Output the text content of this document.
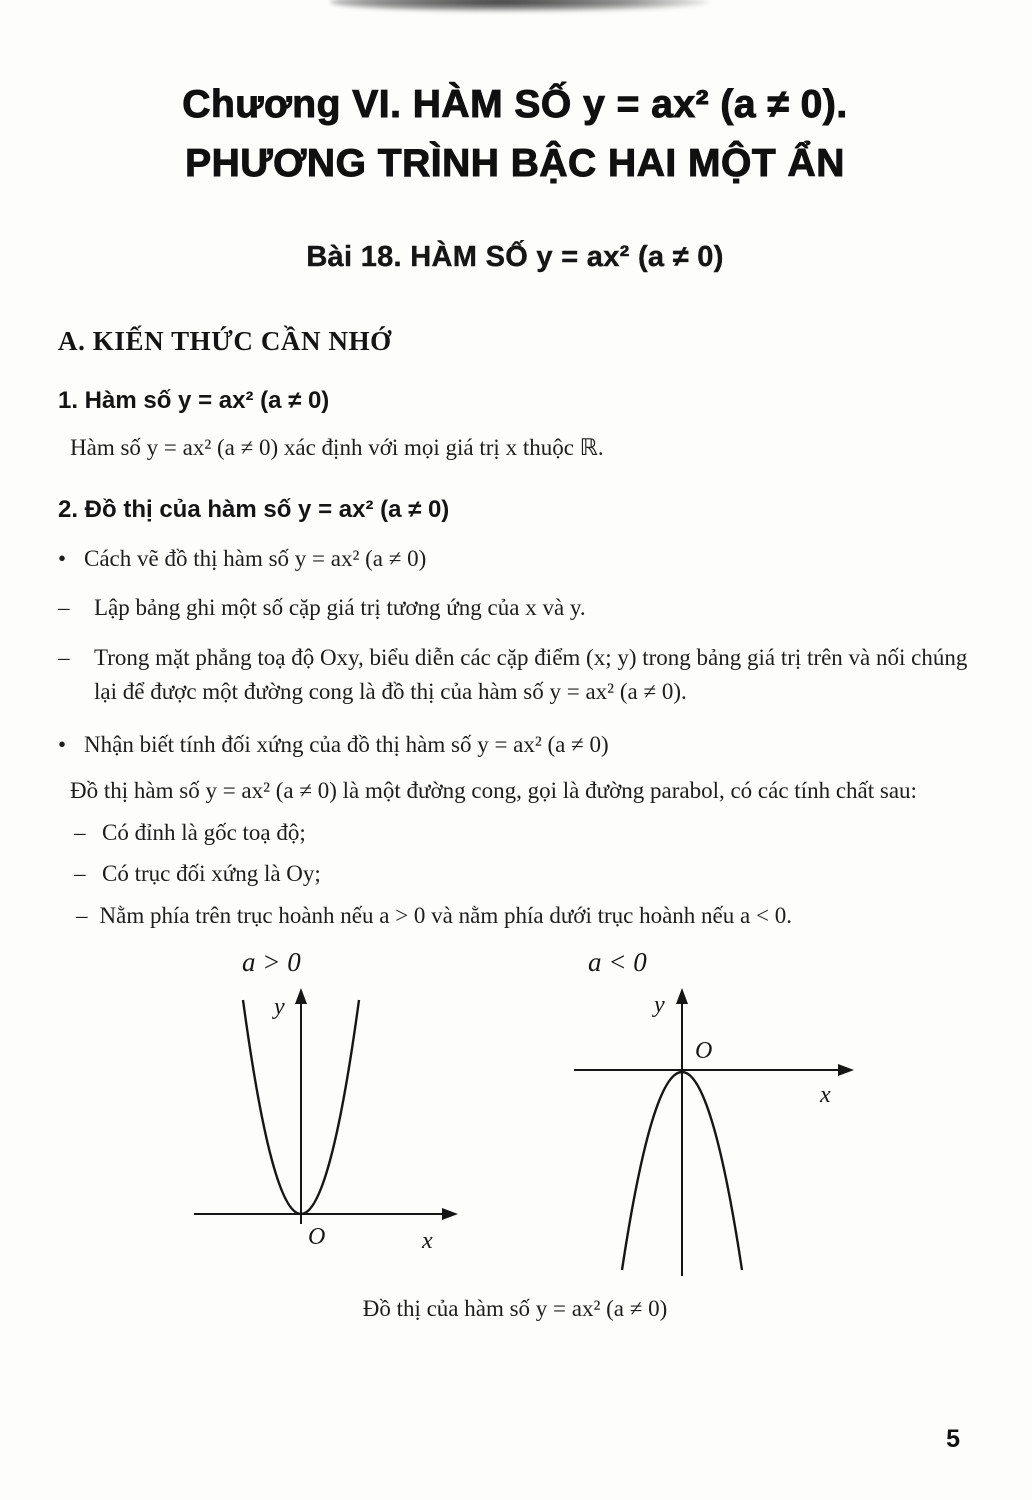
Chương VI. HÀM SỐ y = ax² (a ≠ 0).
PHƯƠNG TRÌNH BẬC HAI MỘT ẨN
Bài 18. HÀM SỐ y = ax² (a ≠ 0)
A. KIẾN THỨC CẦN NHỚ
1. Hàm số y = ax² (a ≠ 0)

Hàm số y = ax² (a ≠ 0) xác định với mọi giá trị x thuộc ℝ.

2. Đồ thị của hàm số y = ax² (a ≠ 0)
• Cách vẽ đồ thị hàm số y = ax² (a ≠ 0)
–	Lập bảng ghi một số cặp giá trị tương ứng của x và y.
–	Trong mặt phẳng toạ độ Oxy, biểu diễn các cặp điểm (x; y) trong bảng giá trị trên và nối chúng lại để được một đường cong là đồ thị của hàm số y = ax² (a ≠ 0).
• Nhận biết tính đối xứng của đồ thị hàm số y = ax² (a ≠ 0)

Đồ thị hàm số y = ax² (a ≠ 0) là một đường cong, gọi là đường parabol, có các tính chất sau:

– Có đỉnh là gốc toạ độ;
– Có trục đối xứng là Oy;

– Nằm phía trên trục hoành nếu a > 0 và nằm phía dưới trục hoành nếu a < 0.

a > 0
y
x
O
a < 0
y
x
O

Đồ thị của hàm số y = ax² (a ≠ 0)

5
